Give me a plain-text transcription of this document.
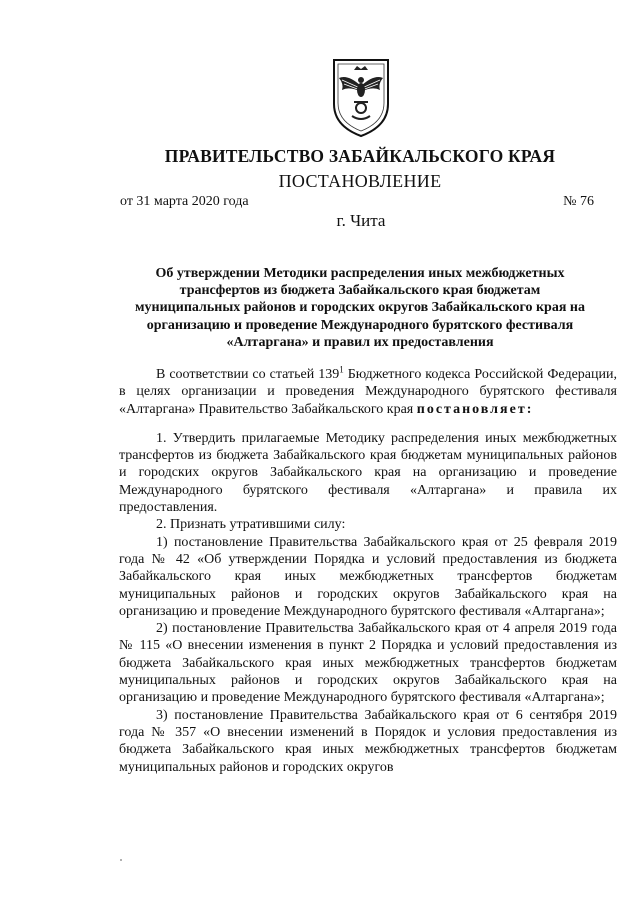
ПРАВИТЕЛЬСТВО ЗАБАЙКАЛЬСКОГО КРАЯ
ПОСТАНОВЛЕНИЕ
от 31 марта 2020 года	№ 76
г. Чита
Об утверждении Методики распределения иных межбюджетных трансфертов из бюджета Забайкальского края бюджетам муниципальных районов и городских округов Забайкальского края на организацию и проведение Международного бурятского фестиваля «Алтаргана» и правил их предоставления

В соответствии со статьей $139^1$ Бюджетного кодекса Российской Федерации, в целях организации и проведения Международного бурятского фестиваля «Алтаргана» Правительство Забайкальского края постановляет:

1. Утвердить прилагаемые Методику распределения иных межбюджетных трансфертов из бюджета Забайкальского края бюджетам муниципальных районов и городских округов Забайкальского края на организацию и проведение Международного бурятского фестиваля «Алтаргана» и правила их предоставления.

2. Признать утратившими силу:

1) постановление Правительства Забайкальского края от 25 февраля 2019 года № 42 «Об утверждении Порядка и условий предоставления из бюджета Забайкальского края иных межбюджетных трансфертов бюджетам муниципальных районов и городских округов Забайкальского края на организацию и проведение Международного бурятского фестиваля «Алтаргана»;

2) постановление Правительства Забайкальского края от 4 апреля 2019 года № 115 «О внесении изменения в пункт 2 Порядка и условий предоставления из бюджета Забайкальского края иных межбюджетных трансфертов бюджетам муниципальных районов и городских округов Забайкальского края на организацию и проведение Международного бурятского фестиваля «Алтаргана»;

3) постановление Правительства Забайкальского края от 6 сентября 2019 года № 357 «О внесении изменений в Порядок и условия предоставления из бюджета Забайкальского края иных межбюджетных трансфертов бюджетам муниципальных районов и городских округов
